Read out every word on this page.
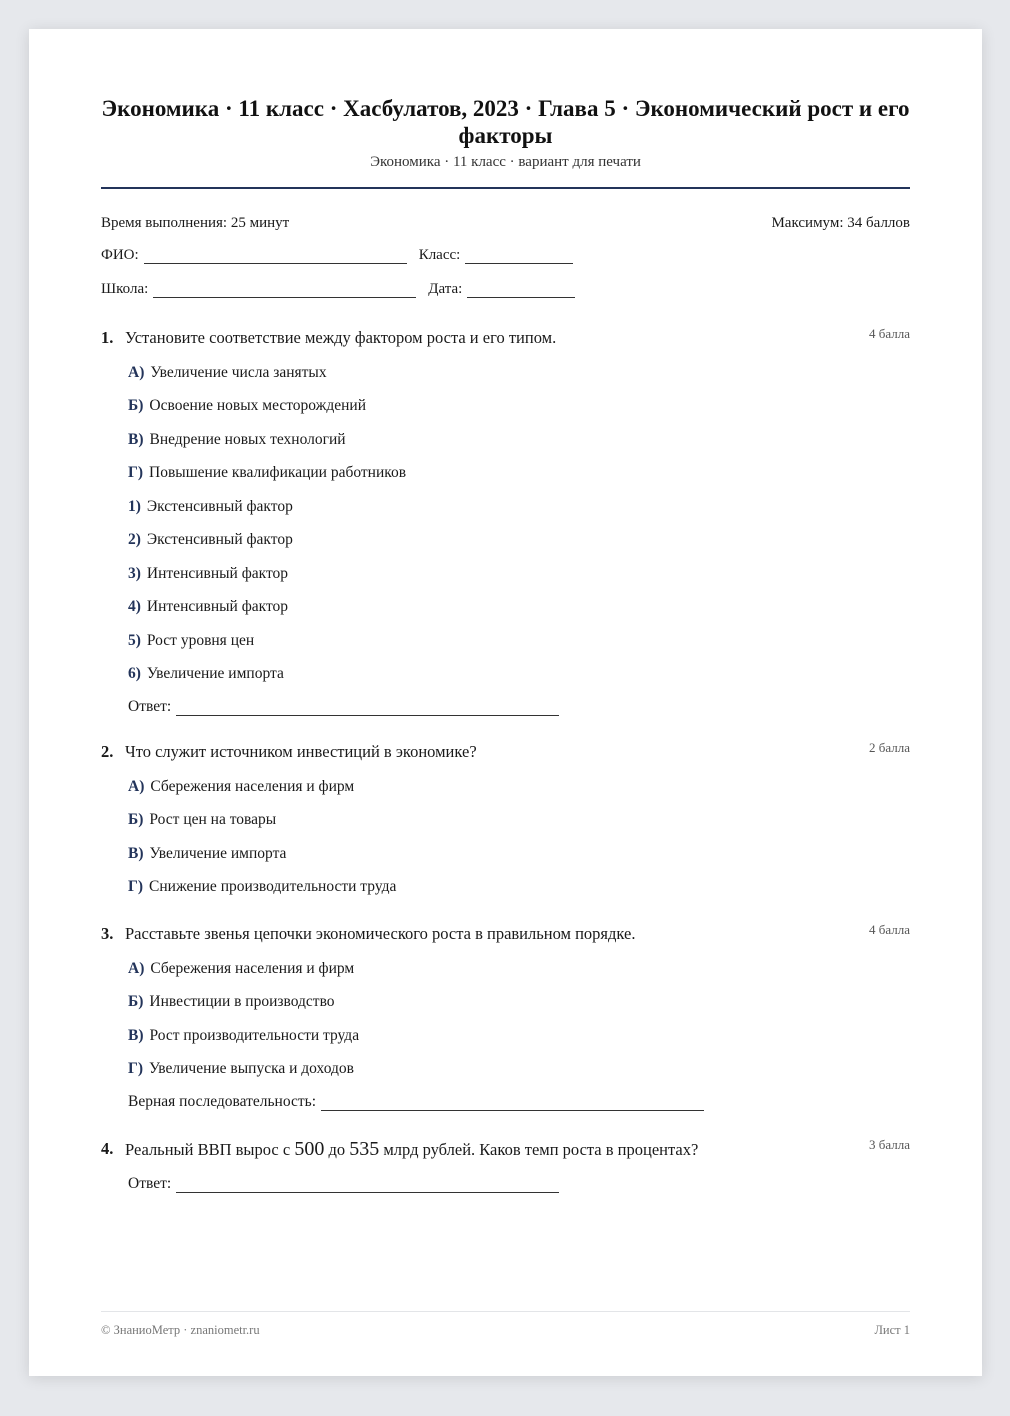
Экономика · 11 класс · Хасбулатов, 2023 · Глава 5 · Экономический рост и его факторы
Экономика · 11 класс · вариант для печати
Время выполнения: 25 минут	Максимум: 34 баллов
ФИО:	Класс:
Школа:	Дата:
1. Установите соответствие между фактором роста и его типом.	4 балла
А) Увеличение числа занятых
Б) Освоение новых месторождений
В) Внедрение новых технологий
Г) Повышение квалификации работников
1) Экстенсивный фактор
2) Экстенсивный фактор
3) Интенсивный фактор
4) Интенсивный фактор
5) Рост уровня цен
6) Увеличение импорта
Ответ:
2. Что служит источником инвестиций в экономике?	2 балла
А) Сбережения населения и фирм
Б) Рост цен на товары
В) Увеличение импорта
Г) Снижение производительности труда
3. Расставьте звенья цепочки экономического роста в правильном порядке.	4 балла
А) Сбережения населения и фирм
Б) Инвестиции в производство
В) Рост производительности труда
Г) Увеличение выпуска и доходов
Верная последовательность:
4. Реальный ВВП вырос с 500 до 535 млрд рублей. Каков темп роста в процентах?	3 балла
Ответ:
© ЗнаниоМетр · znaniometr.ru	Лист 1
